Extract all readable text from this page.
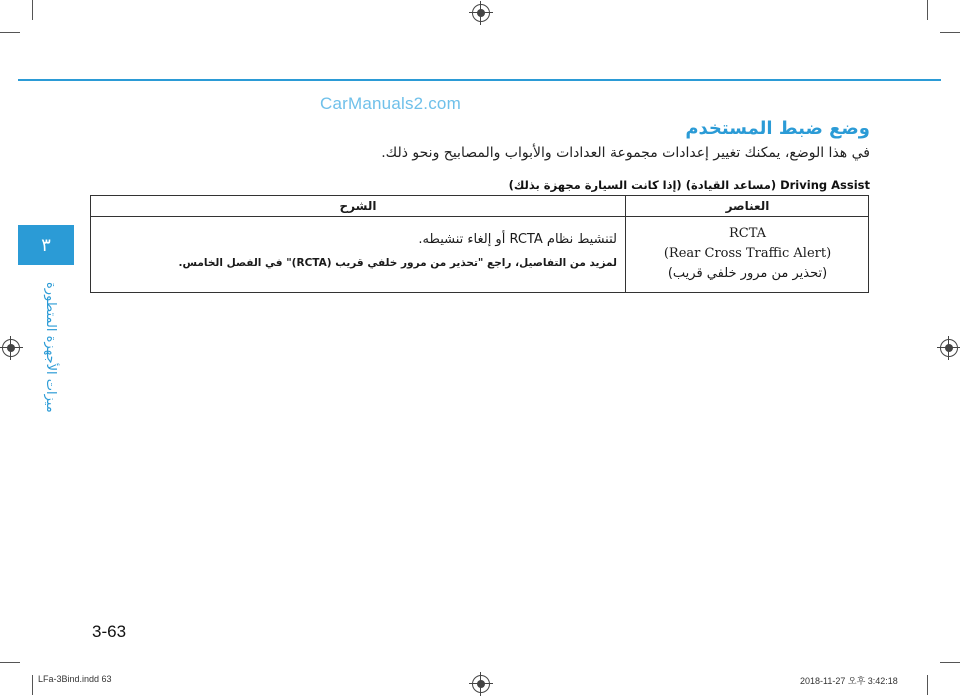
CarManuals2.com
٣
ميزات الأجهزة المتطورة
وضع ضبط المستخدم
في هذا الوضع، يمكنك تغيير إعدادات مجموعة العدادات والأبواب والمصابيح ونحو ذلك.
Driving Assist (مساعد القيادة) (إذا كانت السيارة مجهزة بذلك)
الشرح	العناصر
RCTA
(Rear Cross Traffic Alert)
(تحذير من مرور خلفي قريب)
لتنشيط نظام RCTA أو إلغاء تنشيطه.
لمزيد من التفاصيل، راجع "تحذير من مرور خلفي قريب (RCTA)" في الفصل الخامس.
3-63
LFa-3Bind.indd 63	2018-11-27 오후 3:42:18
